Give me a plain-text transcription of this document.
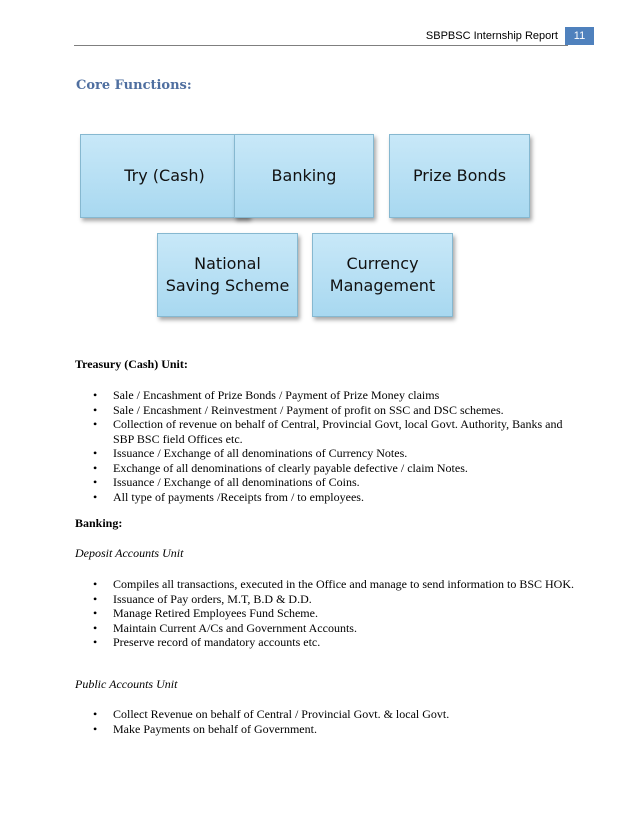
SBPBSC Internship Report	11
Core Functions:
Try (Cash)	Banking	Prize Bonds
National
Saving Scheme
Currency
Management
Treasury (Cash) Unit:
• Sale / Encashment of Prize Bonds / Payment of Prize Money claims
• Sale / Encashment / Reinvestment / Payment of profit on SSC and DSC schemes.
• Collection of revenue on behalf of Central, Provincial Govt, local Govt. Authority, Banks and SBP BSC field Offices etc.
• Issuance / Exchange of all denominations of Currency Notes.
• Exchange of all denominations of clearly payable defective / claim Notes.
• Issuance / Exchange of all denominations of Coins.
• All type of payments /Receipts from / to employees.
Banking:
Deposit Accounts Unit
• Compiles all transactions, executed in the Office and manage to send information to BSC HOK.
• Issuance of Pay orders, M.T, B.D & D.D.
• Manage Retired Employees Fund Scheme.
• Maintain Current A/Cs and Government Accounts.
• Preserve record of mandatory accounts etc.
Public Accounts Unit
• Collect Revenue on behalf of Central / Provincial Govt. & local Govt.
• Make Payments on behalf of Government.
